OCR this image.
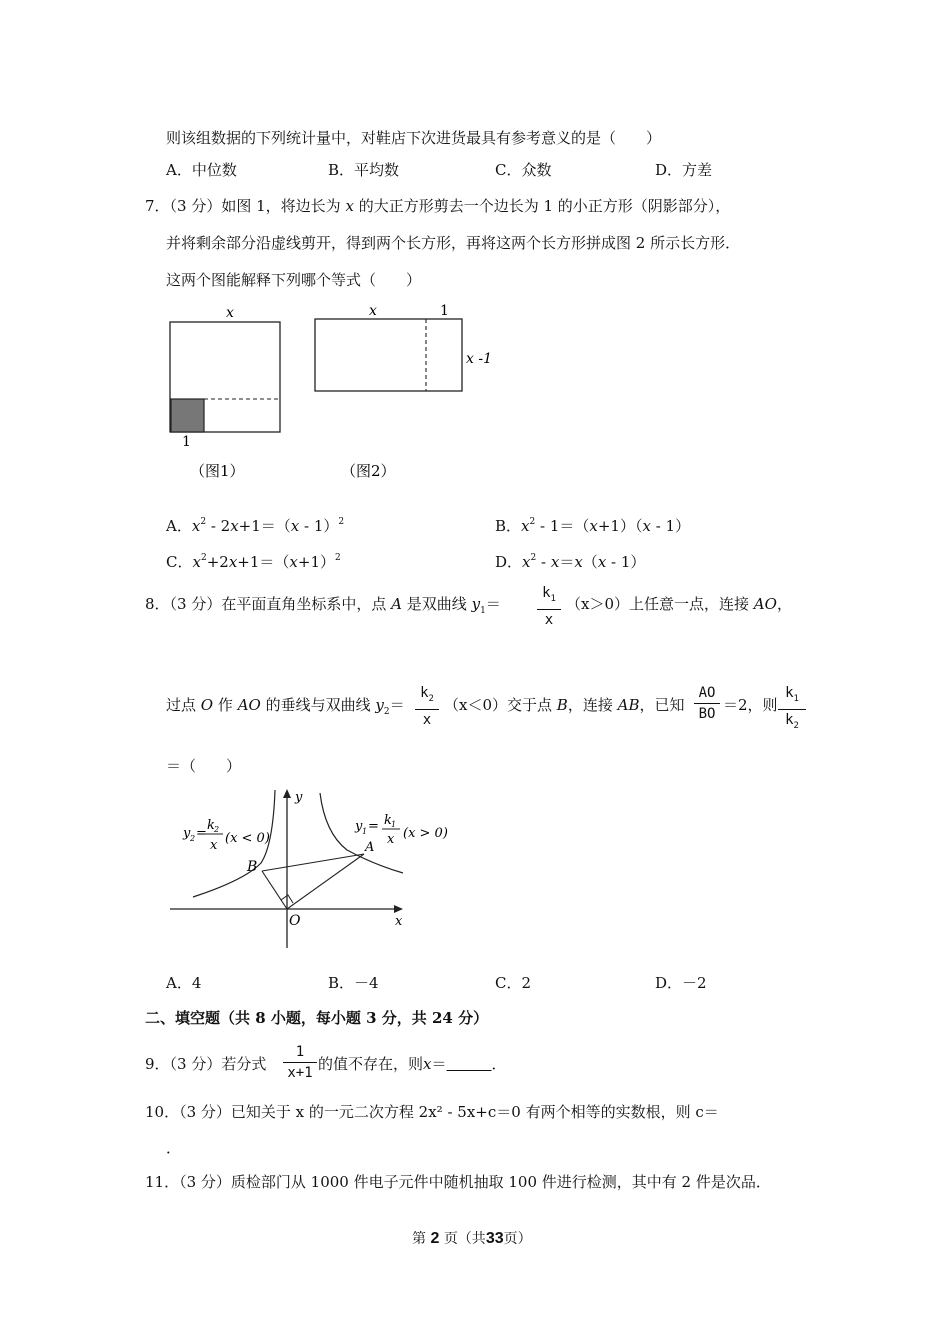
则该组数据的下列统计量中，对鞋店下次进货最具有参考意义的是（　　）
A．中位数	B．平均数	C．众数	D．方差
7．（3 分）如图 1，将边长为 x 的大正方形剪去一个边长为 1 的小正方形（阴影部分），
并将剩余部分沿虚线剪开，得到两个长方形，再将这两个长方形拼成图 2 所示长方形．
这两个图能解释下列哪个等式（　　）
x
1
（图1）
x	1
x -1
（图2）
A．$x^2 - 2x+1=(x - 1)^2$	B．$x^2 - 1=(x+1)(x - 1)$
C．$x^2+2x+1=(x+1)^2$	D．$x^2 - x=x(x - 1)$
8．（3 分）在平面直角坐标系中，点 A 是双曲线 $y_1=$
$k_1$
x
（x＞0）上任意一点，连接 AO，
过点 O 作 AO 的垂线与双曲线 $y_2=$
$k_2$
x
（x＜0）交于点 B，连接 AB，已知
AO
BO ＝2，则
$k_1$
$k_2$
＝（　　）
y
x
O
A
B
y 2 =
k 2
x (x < 0)
y 1 = k 1
x (x > 0)
A．4	B．－4	C．2	D．－2
二、填空题（共 8 小题，每小题 3 分，共 24 分）
9．（3 分）若分式
1
x+1 的值不存在，则x＝______．
10．（3 分）已知关于 x 的一元二次方程 2x² - 5x+c＝0 有两个相等的实数根，则 c＝
．
11．（3 分）质检部门从 1000 件电子元件中随机抽取 100 件进行检测，其中有 2 件是次品．
第 2 页（共33页）
